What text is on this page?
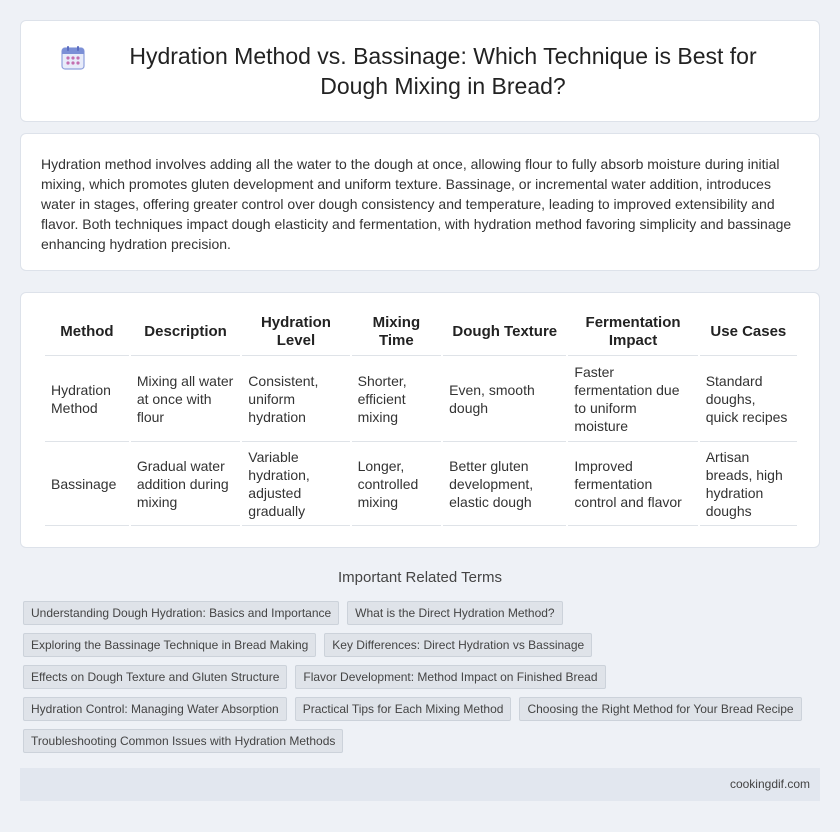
Hydration Method vs. Bassinage: Which Technique is Best for Dough Mixing in Bread?

Hydration method involves adding all the water to the dough at once, allowing flour to fully absorb moisture during initial mixing, which promotes gluten development and uniform texture. Bassinage, or incremental water addition, introduces water in stages, offering greater control over dough consistency and temperature, leading to improved extensibility and flavor. Both techniques impact dough elasticity and fermentation, with hydration method favoring simplicity and bassinage enhancing hydration precision.

Method	Description	Hydration Level	Mixing Time	Dough Texture	Fermentation Impact	Use Cases
Hydration Method	Mixing all water at once with flour	Consistent, uniform hydration	Shorter, efficient mixing	Even, smooth dough	Faster fermentation due to uniform moisture	Standard doughs, quick recipes
Bassinage	Gradual water addition during mixing	Variable hydration, adjusted gradually	Longer, controlled mixing	Better gluten development, elastic dough	Improved fermentation control and flavor	Artisan breads, high hydration doughs
Important Related Terms
Understanding Dough Hydration: Basics and Importance	What is the Direct Hydration Method?
Exploring the Bassinage Technique in Bread Making	Key Differences: Direct Hydration vs Bassinage
Effects on Dough Texture and Gluten Structure	Flavor Development: Method Impact on Finished Bread
Hydration Control: Managing Water Absorption	Practical Tips for Each Mixing Method	Choosing the Right Method for Your Bread Recipe
Troubleshooting Common Issues with Hydration Methods
cookingdif.com
